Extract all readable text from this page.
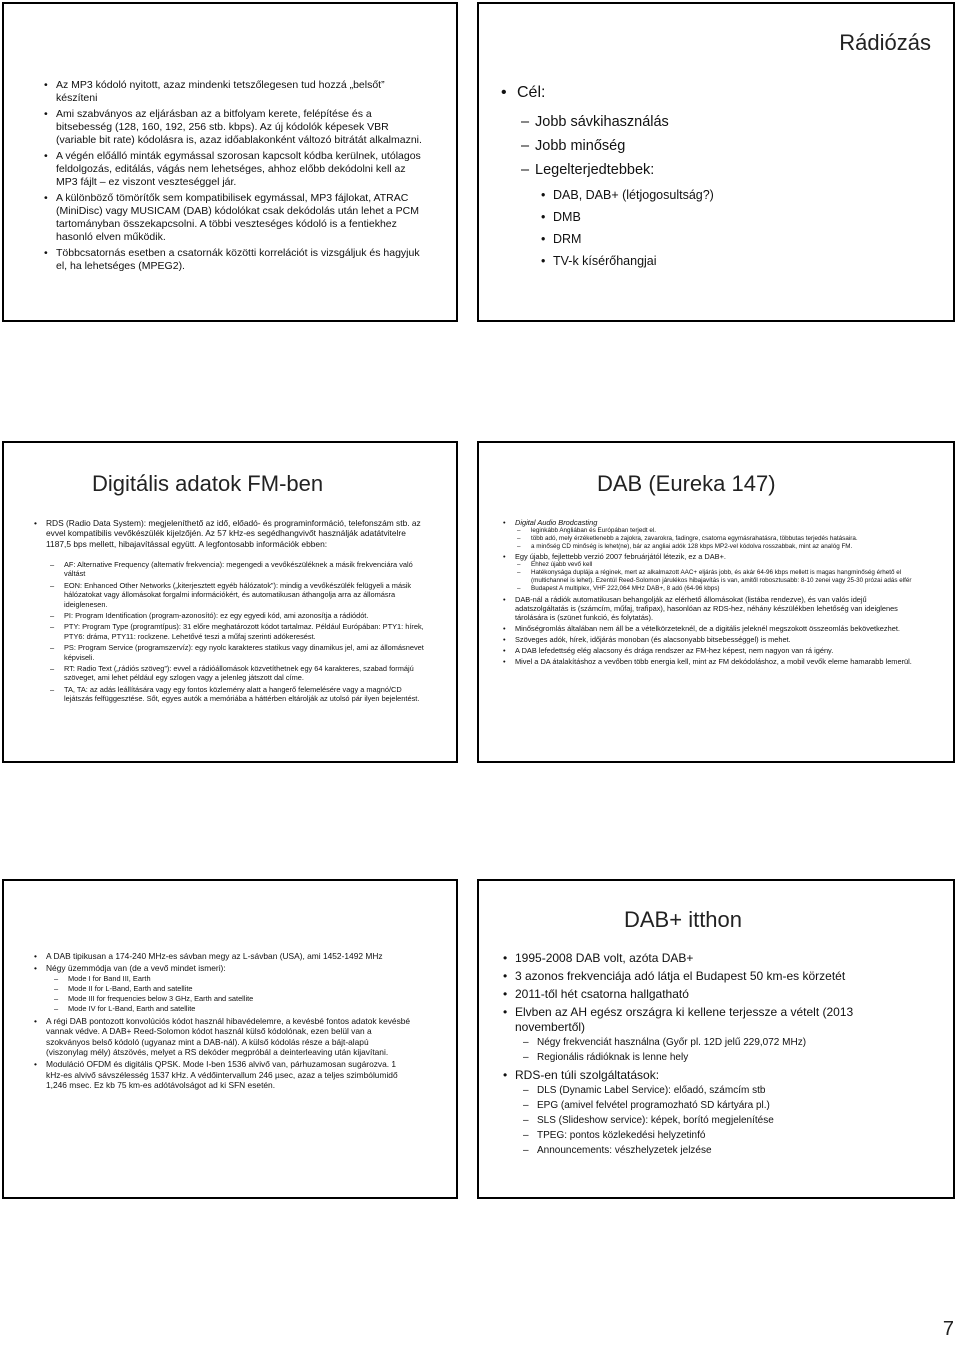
• Az MP3 kódoló nyitott, azaz mindenki tetszőlegesen tud hozzá „belsőt” készíteni
• Ami szabványos az eljárásban az a bitfolyam kerete, felépítése és a bitsebesség (128, 160, 192, 256 stb. kbps). Az új kódolók képesek VBR (variable bit rate) kódolásra is, azaz időablakonként változó bitrátát alkalmazni.
• A végén előálló minták egymással szorosan kapcsolt kódba kerülnek, utólagos feldolgozás, editálás, vágás nem lehetséges, ahhoz előbb dekódolni kell az MP3 fájlt – ez viszont veszteséggel jár.
• A különböző tömörítők sem kompatibilisek egymással, MP3 fájlokat, ATRAC (MiniDisc) vagy MUSICAM (DAB) kódolókat csak dekódolás után lehet a PCM tartományban összekapcsolni. A többi veszteséges kódoló is a fentiekhez hasonló elven működik.
• Többcsatornás esetben a csatornák közötti korrelációt is vizsgáljuk és hagyjuk el, ha lehetséges (MPEG2).
Rádiózás
• Cél:
– Jobb sávkihasználás
– Jobb minőség
– Legelterjedtebbek:
• DAB, DAB+ (létjogosultság?)
• DMB
• DRM
• TV-k kísérőhangjai
Digitális adatok FM-ben
• RDS (Radio Data System): megjeleníthető az idő, előadó- és programinformáció, telefonszám stb. az evvel kompatibilis vevőkészülék kijelzőjén. Az 57 kHz-es segédhangvivőt használják adatátvitelre 1187,5 bps mellett, hibajavítással együtt. A legfontosabb információk ebben:
– AF: Alternative Frequency (alternatív frekvencia): megengedi a vevőkészüléknek a másik frekvenciára való váltást
– EON: Enhanced Other Networks („kiterjesztett egyéb hálózatok”): mindig a vevőkészülék felügyeli a másik hálózatokat vagy állomásokat forgalmi információkért, és automatikusan áthangolja arra az állomásra ideiglenesen.
– PI: Program Identification (program-azonosító): ez egy egyedi kód, ami azonosítja a rádiódót.
– PTY: Program Type (programtípus): 31 előre meghatározott kódot tartalmaz. Például Európában: PTY1: hírek, PTY6: dráma, PTY11: rockzene. Lehetővé teszi a műfaj szerinti adókeresést.
– PS: Program Service (programszervíz): egy nyolc karakteres statikus vagy dinamikus jel, ami az állomásnevet képviseli.
– RT: Radio Text („rádiós szöveg”): evvel a rádióállomások közvetíthetnek egy 64 karakteres, szabad formájú szöveget, ami lehet például egy szlogen vagy a jelenleg játszott dal címe.
– TA, TA: az adás leállítására vagy egy fontos közlemény alatt a hangerő felemelésére vagy a magnó/CD lejátszás felfüggesztése. Sőt, egyes autók a memóriába a háttérben eltárolják az utolsó pár ilyen bejelentést.
DAB (Eureka 147)
• Digital Audio Brodcasting
– leginkább Angliában és Európában terjedt el.
– több adó, mely érzéketlenebb a zajokra, zavarokra, fadingre, csatorna egymásrahatásra, többutas terjedés hatásaira.
– a minőség CD minőség is lehet(ne), bár az angliai adók 128 kbps MP2-vel kódolva rosszabbak, mint az analóg FM.
• Egy újabb, fejlettebb verzió 2007 februárjától létezik, ez a DAB+.
– Ehhez újabb vevő kell
– Hatékonysága duplája a réginek, mert az alkalmazott AAC+ eljárás jobb, és akár 64-96 kbps mellett is magas hangminőség érhető el (multichannel is lehet). Ezentúl Reed-Solomon járulékos hibajavítás is van, amitől robosztusabb: 8-10 zenei vagy 25-30 prózai adás elfér
– Budapest A multiplex, VHF 222,064 MHz DAB+, 8 adó (64-96 kbps)
• DAB-nál a rádiók automatikusan behangolják az elérhető állomásokat (listába rendezve), és van valós idejű adatszolgáltatás is (számcím, műfaj, trafipax), hasonlóan az RDS-hez, néhány készülékben lehetőség van ideiglenes tárolására is (szünet funkció, és folytatás).
• Minőségromlás általában nem áll be a vételkörzeteknél, de a digitális jeleknél megszokott összeomlás bekövetkezhet.
• Szöveges adók, hírek, időjárás monoban (és alacsonyabb bitsebességgel) is mehet.
• A DAB lefedettség elég alacsony és drága rendszer az FM-hez képest, nem nagyon van rá igény.
• Mivel a DA átalakításhoz a vevőben több energia kell, mint az FM dekódoláshoz, a mobil vevők eleme hamarabb lemerül.
• A DAB tipikusan a 174-240 MHz-es sávban megy az L-sávban (USA), ami 1452-1492 MHz
• Négy üzemmódja van (de a vevő mindet ismeri):
– Mode I for Band III, Earth
– Mode II for L-Band, Earth and satellite
– Mode III for frequencies below 3 GHz, Earth and satellite
– Mode IV for L-Band, Earth and satellite
• A régi DAB pontozott konvolúciós kódot használ hibavédelemre, a kevésbé fontos adatok kevésbé vannak védve. A DAB+ Reed-Solomon kódot használ külső kódolónak, ezen belül van a szokványos belső kódoló (ugyanaz mint a DAB-nál). A külső kódolás része a bájt-alapú (viszonylag mély) átszövés, melyet a RS dekóder megpróbál a deinterleaving után kijavítani.
• Moduláció OFDM és digitális QPSK. Mode I-ben 1536 alvivő van, párhuzamosan sugározva. 1 kHz-es alvivő sávszélesség 1537 kHz. A védőintervallum 246 µsec, azaz a teljes szimbólumidő 1,246 msec. Ez kb 75 km-es adótávolságot ad ki SFN esetén.
DAB+ itthon
• 1995-2008 DAB volt, azóta DAB+
• 3 azonos frekvenciája adó látja el Budapest 50 km-es körzetét
• 2011-től hét csatorna hallgatható
• Elvben az AH egész országra ki kellene terjesszе a vételt (2013 novembertől)
– Négy frekvenciát használna (Győr pl. 12D jelű 229,072 MHz)
– Regionális rádióknak is lenne hely
• RDS-en túli szolgáltatások:
– DLS (Dynamic Label Service): előadó, számcím stb
– EPG (amivel felvétel programozható SD kártyára pl.)
– SLS (Slideshow service): képek, borító megjelenítése
– TPEG: pontos közlekedési helyzetinfó
– Announcements: vészhelyzetek jelzése
7
